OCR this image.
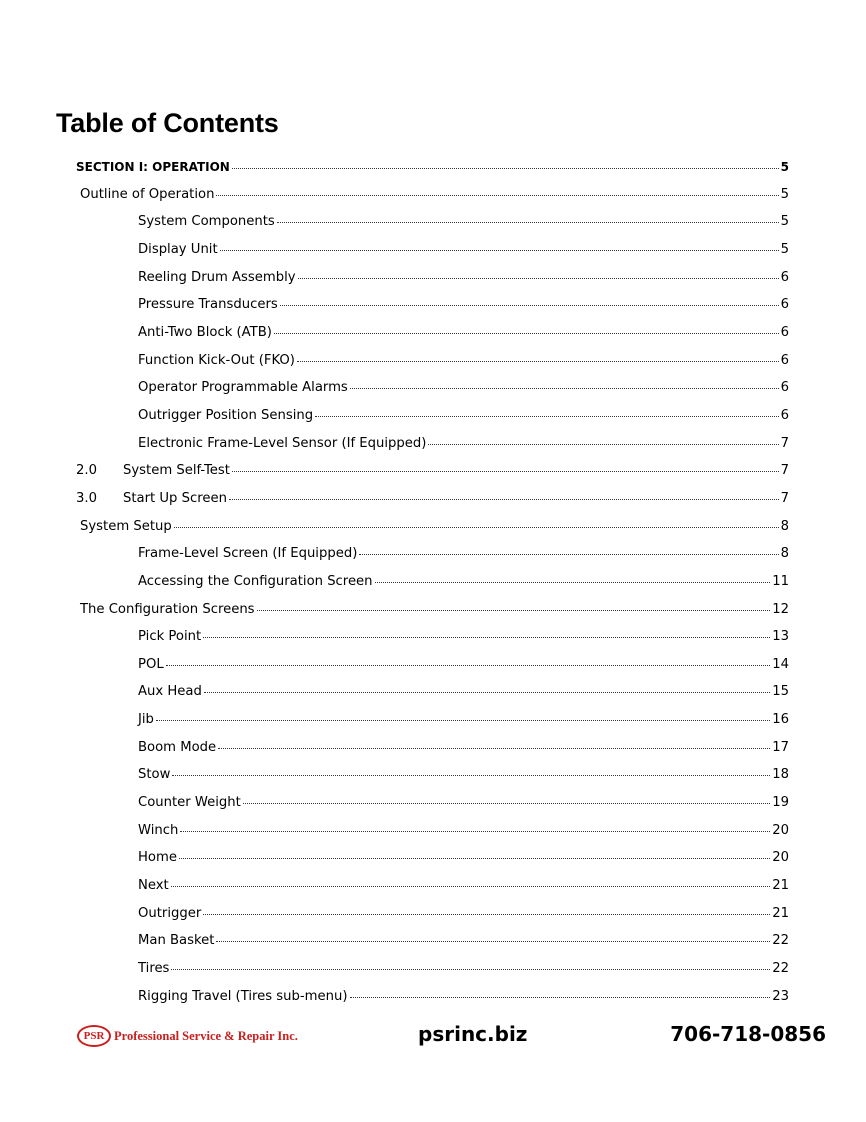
Table of Contents
SECTION I: OPERATION	5
Outline of Operation	5
System Components	5
Display Unit	5
Reeling Drum Assembly	6
Pressure Transducers	6
Anti-Two Block (ATB)	6
Function Kick-Out (FKO)	6
Operator Programmable Alarms	6
Outrigger Position Sensing	6
Electronic Frame-Level Sensor (If Equipped)	7
2.0	System Self-Test	7
3.0	Start Up Screen	7
System Setup	8
Frame-Level Screen (If Equipped)	8
Accessing the Configuration Screen	11
The Configuration Screens	12
Pick Point	13
POL	14
Aux Head	15
Jib	16
Boom Mode	17
Stow	18
Counter Weight	19
Winch	20
Home	20
Next	21
Outrigger	21
Man Basket	22
Tires	22
Rigging Travel (Tires sub-menu)	23
PSR Professional Service & Repair Inc.	psrinc.biz	706-718-0856
